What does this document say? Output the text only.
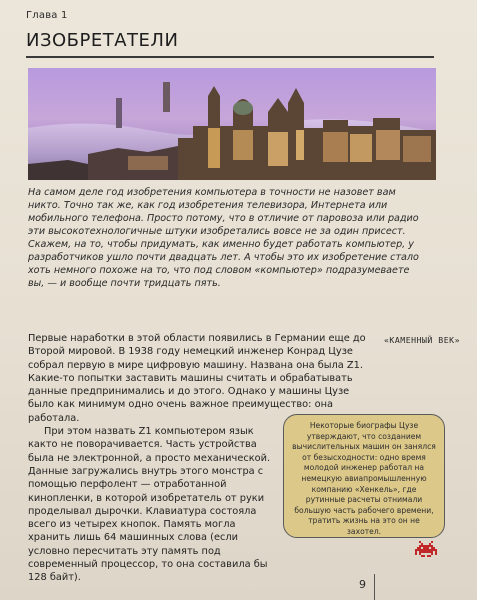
Глава 1
ИЗОБРЕТАТЕЛИ

На самом деле год изобретения компьютера в точности не назовет вам никто. Точно так же, как год изобретения телевизора, Интернета или мобильного телефона. Просто потому, что в отличие от паровоза или радио эти высокотехнологичные штуки изобретались вовсе не за один присест.

Скажем, на то, чтобы придумать, как именно будет работать компьютер, у разработчиков ушло почти двадцать лет. А чтобы это их изобретение стало хоть немного похоже на то, что под словом «компьютер» подразумеваете вы, — и вообще почти тридцать пять.

«КАМЕННЫЙ ВЕК»

Первые наработки в этой области появились в Германии еще до Второй мировой. В 1938 году немецкий инженер Конрад Цузе собрал первую в мире цифровую машину. Названа она была Z1. Какие-то попытки заставить машины считать и обрабатывать данные предпринимались и до этого. Однако у машины Цузе было как минимум одно очень важное преимущество: она работала.

При этом назвать Z1 компьютером язык както не поворачивается. Часть устройства была не электронной, а просто механической. Данные загружались внутрь этого монстра с помощью перфолент — отработанной кинопленки, в которой изобретатель от руки проделывал дырочки. Клавиатура состояла всего из четырех кнопок. Память могла хранить лишь 64 машинных слова (если условно пересчитать эту память под современный процессор, то она составила бы 128 байт).

Некоторые биографы Цузе утверждают, что созданием вычислительных машин он занялся от безысходности: одно время молодой инженер работал на немецкую авиапромышленную компанию «Хенкель», где рутинные расчеты отнимали большую часть рабочего времени, тратить жизнь на это он не захотел.
9
